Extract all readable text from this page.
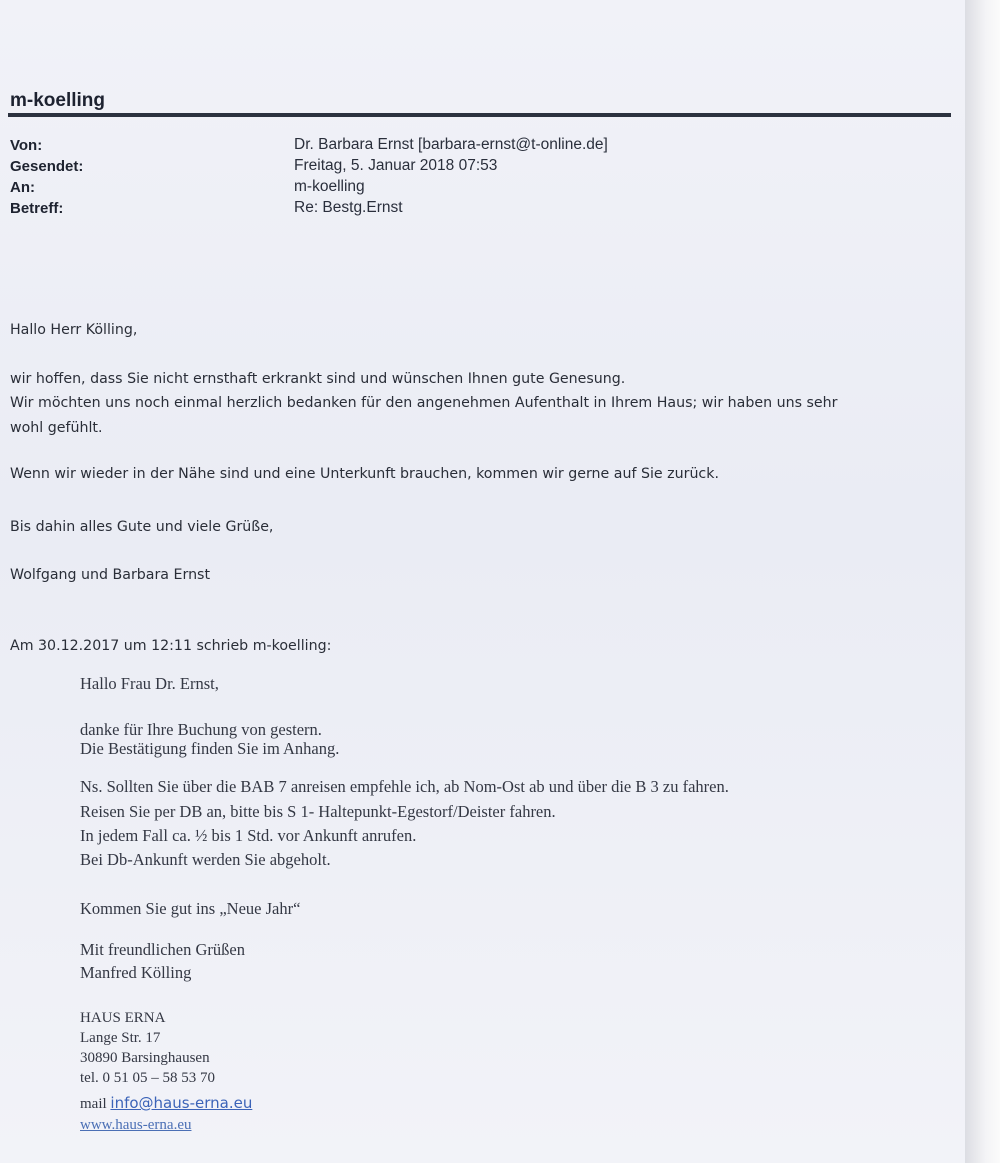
m-koelling
Von:	Dr. Barbara Ernst [barbara-ernst@t-online.de]
Gesendet:	Freitag, 5. Januar 2018 07:53
An:	m-koelling
Betreff:	Re: Bestg.Ernst
Hallo Herr Kölling,
wir hoffen, dass Sie nicht ernsthaft erkrankt sind und wünschen Ihnen gute Genesung.
Wir möchten uns noch einmal herzlich bedanken für den angenehmen Aufenthalt in Ihrem Haus; wir haben uns sehr
wohl gefühlt.
Wenn wir wieder in der Nähe sind und eine Unterkunft brauchen, kommen wir gerne auf Sie zurück.
Bis dahin alles Gute und viele Grüße,
Wolfgang und Barbara Ernst
Am 30.12.2017 um 12:11 schrieb m-koelling:
Hallo Frau Dr. Ernst,
danke für Ihre Buchung von gestern.
Die Bestätigung finden Sie im Anhang.
Ns. Sollten Sie über die BAB 7 anreisen empfehle ich, ab Nom-Ost ab und über die B 3 zu fahren.
Reisen Sie per DB an, bitte bis S 1- Haltepunkt-Egestorf/Deister fahren.
In jedem Fall ca. ½ bis 1 Std. vor Ankunft anrufen.
Bei Db-Ankunft werden Sie abgeholt.
Kommen Sie gut ins „Neue Jahr“
Mit freundlichen Grüßen
Manfred Kölling
HAUS ERNA
Lange Str. 17
30890 Barsinghausen
tel. 0 51 05 – 58 53 70
mail info@haus-erna.eu
www.haus-erna.eu
